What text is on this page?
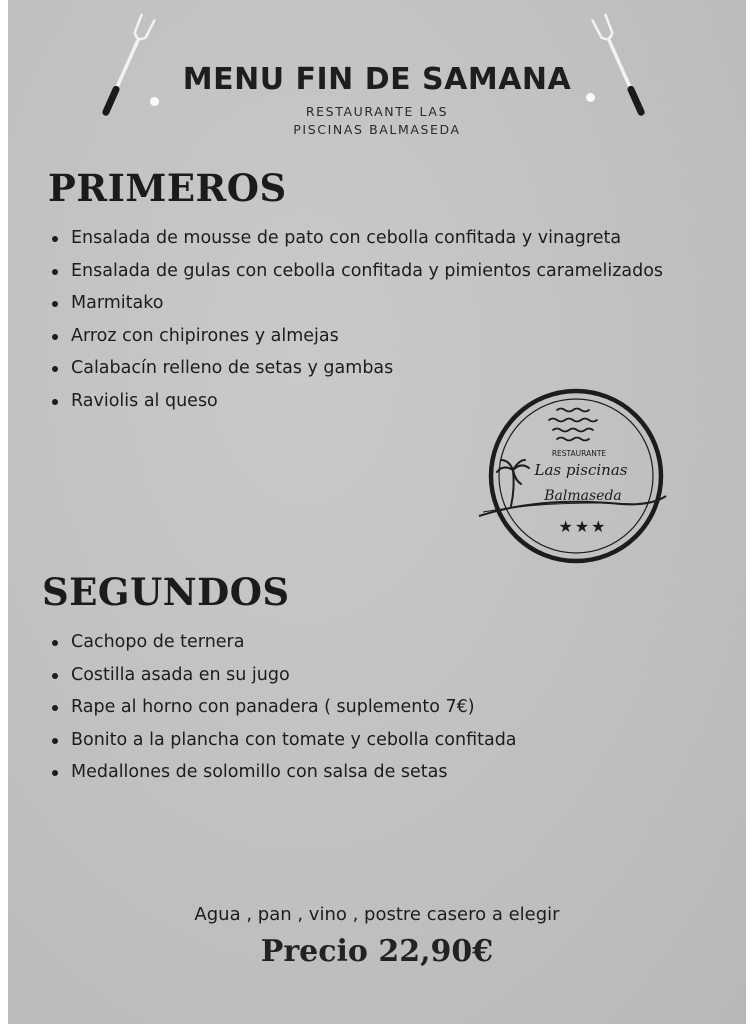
MENU FIN DE SAMANA
RESTAURANTE LAS
PISCINAS BALMASEDA
PRIMEROS
Ensalada de mousse de pato con cebolla confitada y vinagreta
Ensalada de gulas con cebolla confitada y pimientos caramelizados
Marmitako
Arroz con chipirones y almejas
Calabacín relleno de setas y gambas
Raviolis al queso
RESTAURANTE
Las piscinas
Balmaseda
★★★
SEGUNDOS
Cachopo de ternera
Costilla asada en su jugo
Rape al horno con panadera ( suplemento 7€)
Bonito a la plancha con tomate y cebolla confitada
Medallones de solomillo con salsa de setas
Agua , pan , vino , postre casero a elegir
Precio 22,90€
